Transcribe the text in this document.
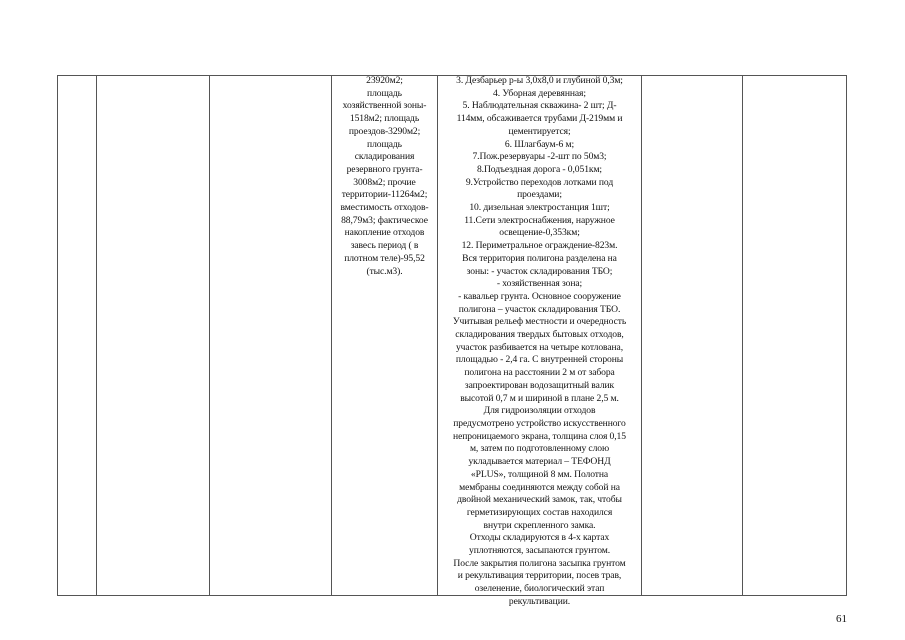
23920м2;
площадь
хозяйственной зоны-
1518м2; площадь
проездов-3290м2;
площадь
складирования
резервного грунта-
3008м2; прочие
территории-11264м2;
вместимость отходов-
88,79м3; фактическое
накопление отходов
завесь период ( в
плотном теле)-95,52
(тыс.м3).
3. Дезбарьер р-ы 3,0х8,0 и глубиной 0,3м;
4. Уборная деревянная;
5. Наблюдательная скважина- 2 шт; Д-
114мм, обсаживается трубами Д-219мм и
цементируется;
6. Шлагбаум-6 м;
7.Пож.резервуары -2-шт по 50м3;
8.Подъездная дорога - 0,051км;
9.Устройство переходов лотками под
проездами;
10. дизельная электростанция 1шт;
11.Сети электроснабжения, наружное
освещение-0,353км;
12. Периметральное ограждение-823м.
Вся территория полигона разделена на
зоны: - участок складирования ТБО;
- хозяйственная зона;
- кавальер грунта. Основное сооружение
полигона – участок складирования ТБО.
Учитывая рельеф местности и очередность
складирования твердых бытовых отходов,
участок разбивается на четыре котлована,
площадью - 2,4 га. С внутренней стороны
полигона на расстоянии 2 м от забора
запроектирован водозащитный валик
высотой 0,7 м и шириной в плане 2,5 м.
Для гидроизоляции отходов
предусмотрено устройство искусственного
непроницаемого экрана, толщина слоя 0,15
м, затем по подготовленному слою
укладывается материал – ТЕФОНД
«PLUS», толщиной 8 мм. Полотна
мембраны соединяются между собой на
двойной механический замок, так, чтобы
герметизирующих состав находился
внутри скрепленного замка.
Отходы складируются в 4-х картах
уплотняются, засыпаются грунтом.
После закрытия полигона засыпка грунтом
и рекультивация территории, посев трав,
озеленение, биологический этап
рекультивации.
61
